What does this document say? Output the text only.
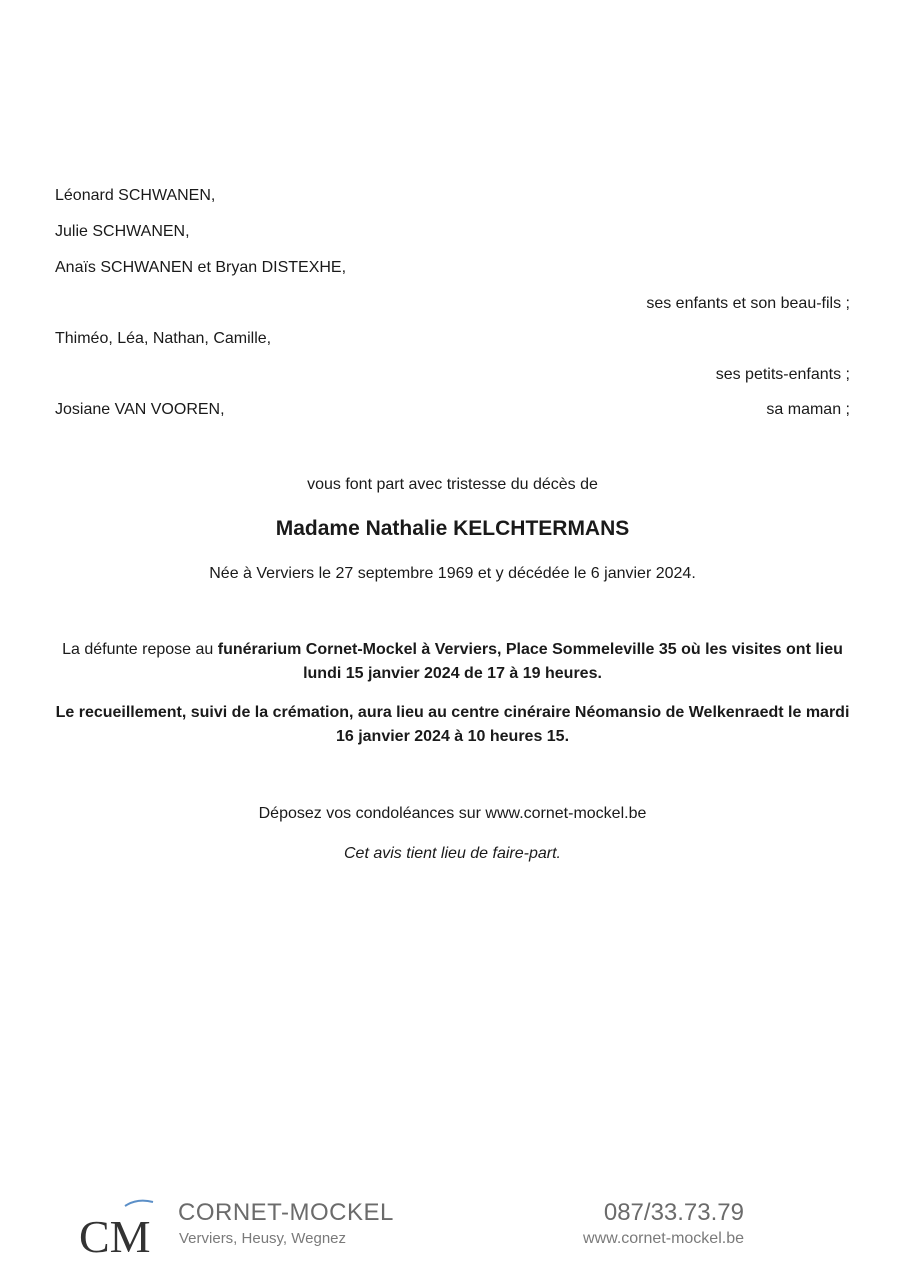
Léonard SCHWANEN,
Julie SCHWANEN,
Anaïs SCHWANEN et Bryan DISTEXHE,
ses enfants et son beau-fils ;
Thiméo, Léa, Nathan, Camille,
ses petits-enfants ;
Josiane VAN VOOREN,	sa maman ;
vous font part avec tristesse du décès de
Madame Nathalie KELCHTERMANS
Née à Verviers le 27 septembre 1969 et y décédée le 6 janvier 2024.
La défunte repose au funérarium Cornet-Mockel à Verviers, Place Sommeleville 35 où les visites ont lieu lundi 15 janvier 2024 de 17 à 19 heures.
Le recueillement, suivi de la crémation, aura lieu au centre cinéraire Néomansio de Welkenraedt le mardi 16 janvier 2024 à 10 heures 15.
Déposez vos condoléances sur www.cornet-mockel.be
Cet avis tient lieu de faire-part.
CM CORNET-MOCKEL
Verviers, Heusy, Wegnez
087/33.73.79
www.cornet-mockel.be
